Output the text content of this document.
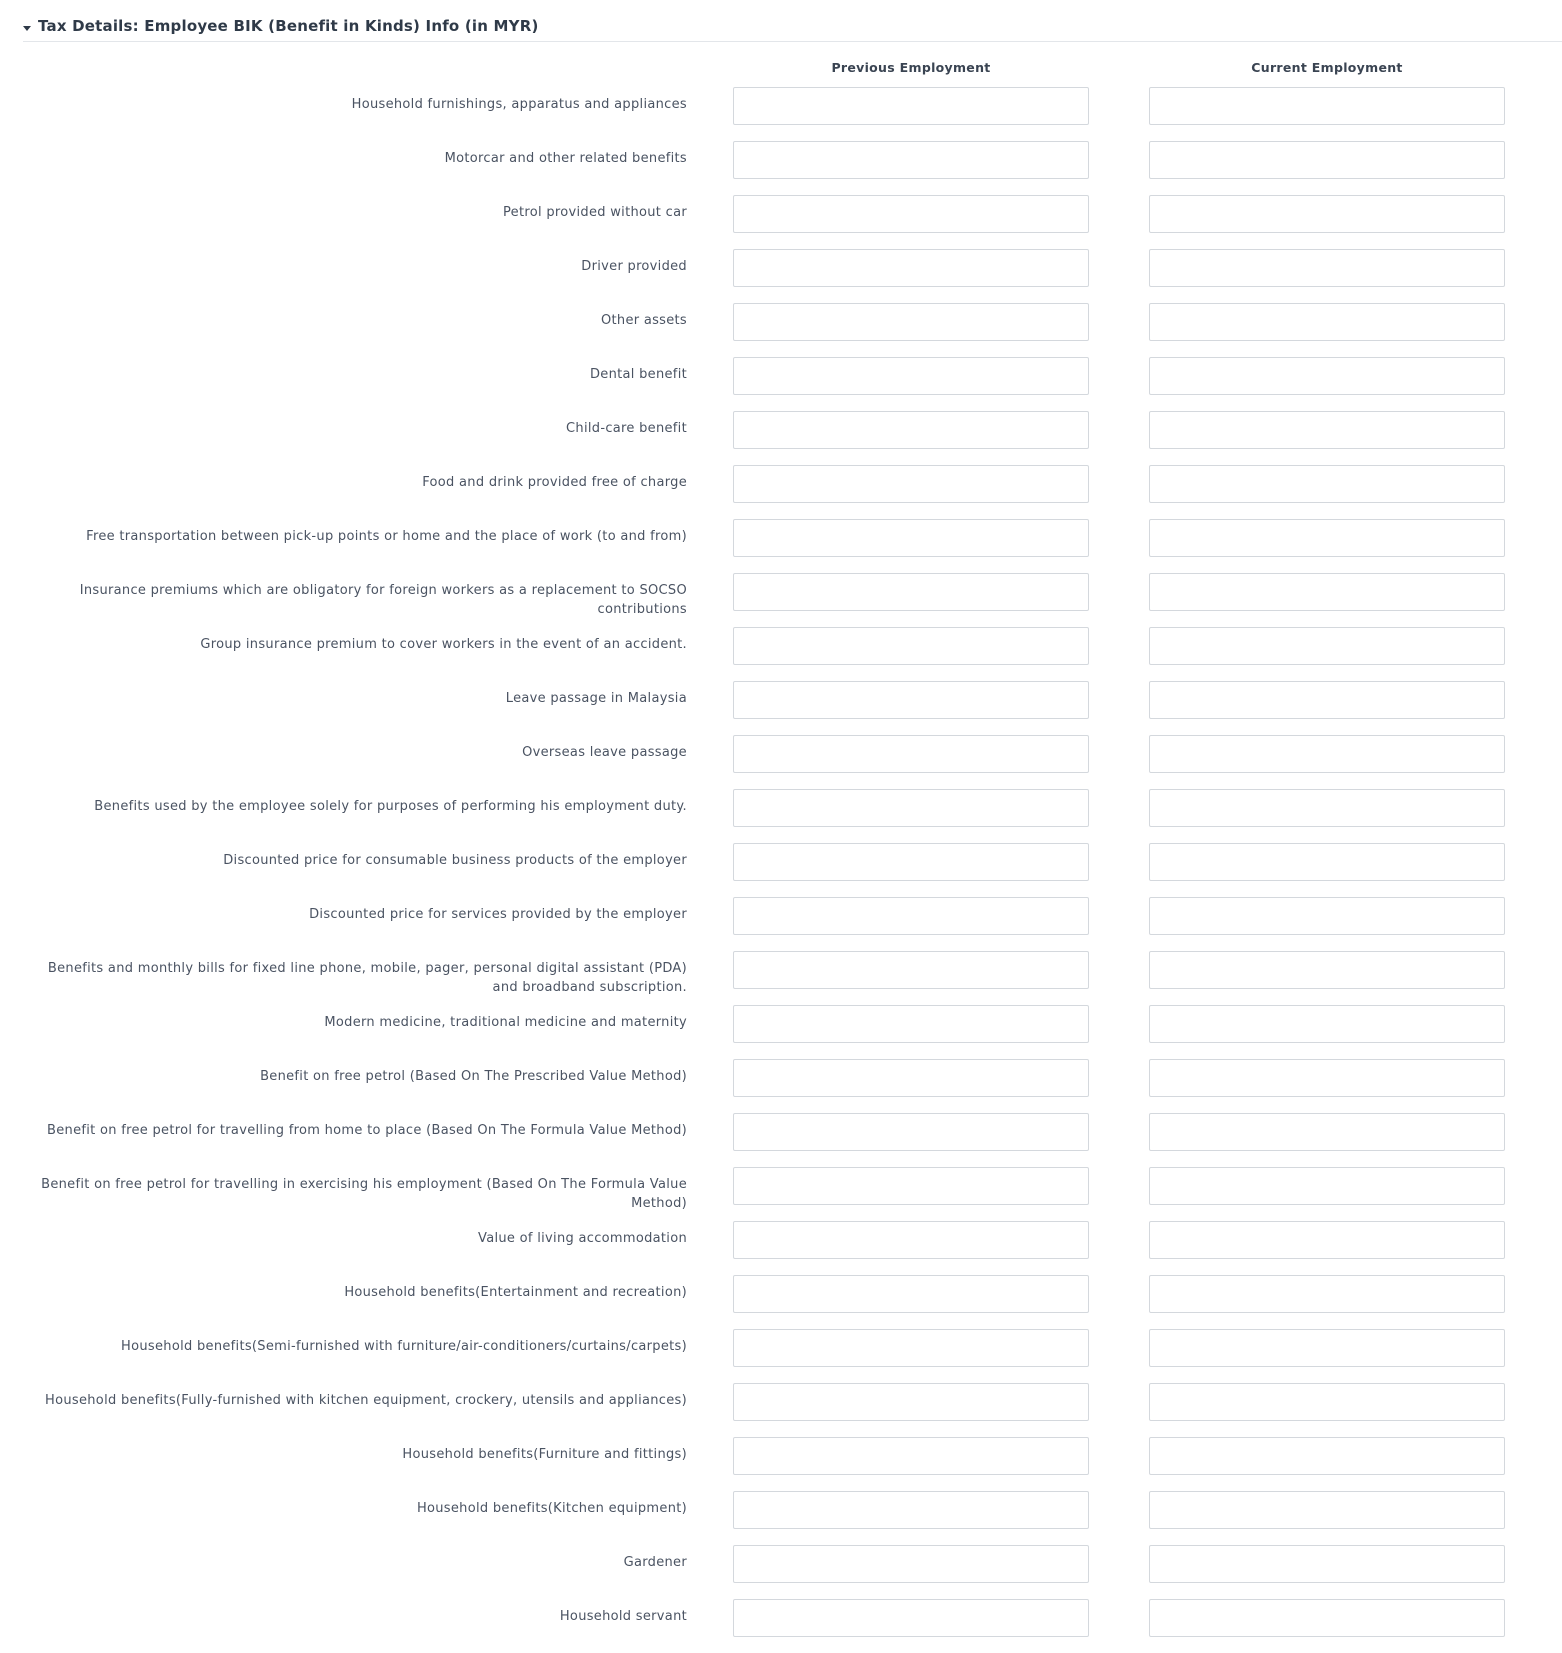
Tax Details: Employee BIK (Benefit in Kinds) Info (in MYR)
Previous Employment	Current Employment
Household furnishings, apparatus and appliances
Motorcar and other related benefits
Petrol provided without car
Driver provided
Other assets
Dental benefit
Child-care benefit
Food and drink provided free of charge
Free transportation between pick-up points or home and the place of work (to and from)
Insurance premiums which are obligatory for foreign workers as a replacement to SOCSO contributions
Group insurance premium to cover workers in the event of an accident.
Leave passage in Malaysia
Overseas leave passage
Benefits used by the employee solely for purposes of performing his employment duty.
Discounted price for consumable business products of the employer
Discounted price for services provided by the employer
Benefits and monthly bills for fixed line phone, mobile, pager, personal digital assistant (PDA) and broadband subscription.
Modern medicine, traditional medicine and maternity
Benefit on free petrol (Based On The Prescribed Value Method)
Benefit on free petrol for travelling from home to place (Based On The Formula Value Method)
Benefit on free petrol for travelling in exercising his employment (Based On The Formula Value Method)
Value of living accommodation
Household benefits(Entertainment and recreation)
Household benefits(Semi-furnished with furniture/air-conditioners/curtains/carpets)
Household benefits(Fully-furnished with kitchen equipment, crockery, utensils and appliances)
Household benefits(Furniture and fittings)
Household benefits(Kitchen equipment)
Gardener
Household servant
